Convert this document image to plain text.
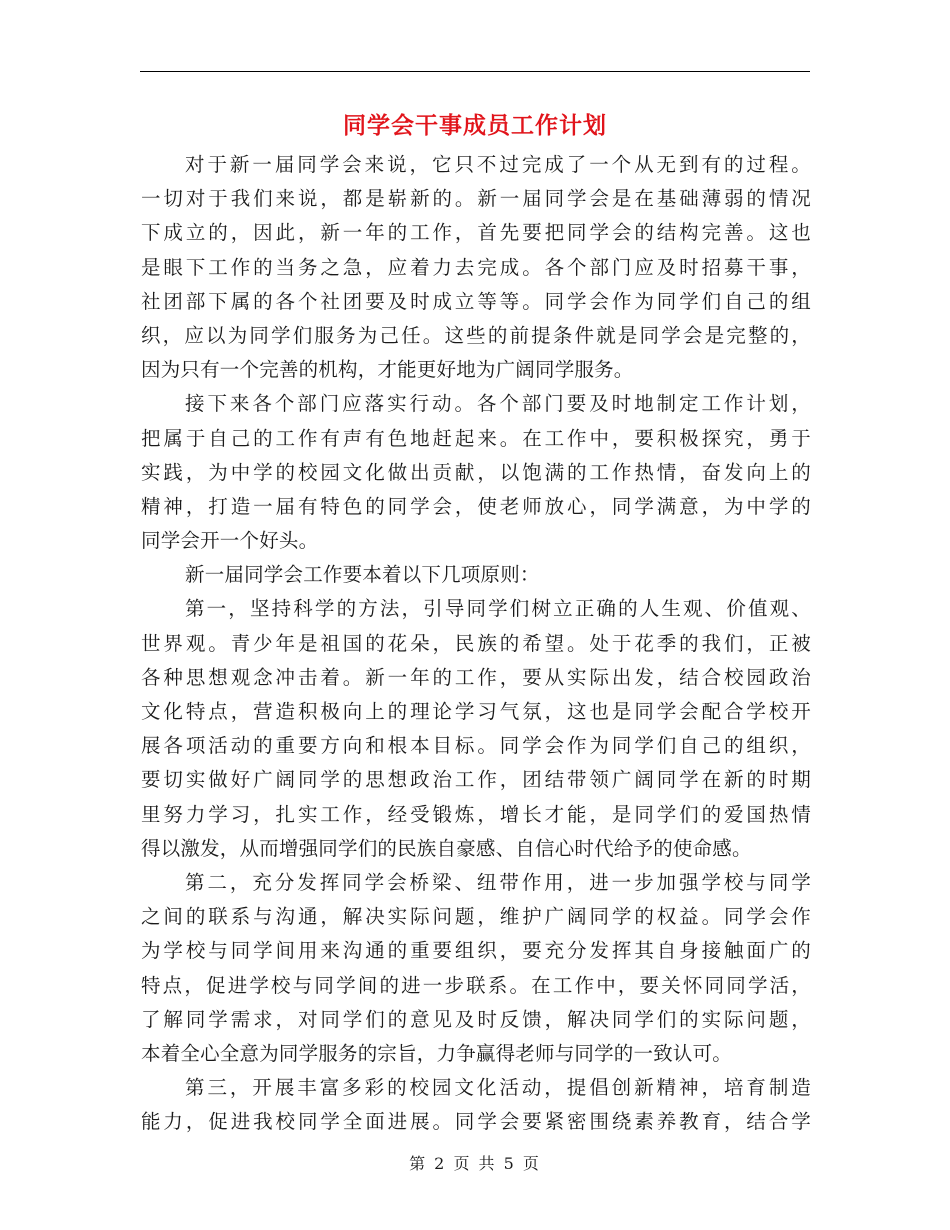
同学会干事成员工作计划
对于新一届同学会来说，它只不过完成了一个从无到有的过程。
一切对于我们来说，都是崭新的。新一届同学会是在基础薄弱的情况
下成立的，因此，新一年的工作，首先要把同学会的结构完善。这也
是眼下工作的当务之急，应着力去完成。各个部门应及时招募干事，
社团部下属的各个社团要及时成立等等。同学会作为同学们自己的组
织，应以为同学们服务为己任。这些的前提条件就是同学会是完整的，
因为只有一个完善的机构，才能更好地为广阔同学服务。
接下来各个部门应落实行动。各个部门要及时地制定工作计划，
把属于自己的工作有声有色地赶起来。在工作中，要积极探究，勇于
实践，为中学的校园文化做出贡献，以饱满的工作热情，奋发向上的
精神，打造一届有特色的同学会，使老师放心，同学满意，为中学的
同学会开一个好头。
新一届同学会工作要本着以下几项原则：
第一，坚持科学的方法，引导同学们树立正确的人生观、价值观、
世界观。青少年是祖国的花朵，民族的希望。处于花季的我们，正被
各种思想观念冲击着。新一年的工作，要从实际出发，结合校园政治
文化特点，营造积极向上的理论学习气氛，这也是同学会配合学校开
展各项活动的重要方向和根本目标。同学会作为同学们自己的组织，
要切实做好广阔同学的思想政治工作，团结带领广阔同学在新的时期
里努力学习，扎实工作，经受锻炼，增长才能，是同学们的爱国热情
得以激发，从而增强同学们的民族自豪感、自信心时代给予的使命感。
第二，充分发挥同学会桥梁、纽带作用，进一步加强学校与同学
之间的联系与沟通，解决实际问题，维护广阔同学的权益。同学会作
为学校与同学间用来沟通的重要组织，要充分发挥其自身接触面广的
特点，促进学校与同学间的进一步联系。在工作中，要关怀同同学活，
了解同学需求，对同学们的意见及时反馈，解决同学们的实际问题，
本着全心全意为同学服务的宗旨，力争赢得老师与同学的一致认可。
第三，开展丰富多彩的校园文化活动，提倡创新精神，培育制造
能力，促进我校同学全面进展。同学会要紧密围绕素养教育，结合学
第 2 页 共 5 页
